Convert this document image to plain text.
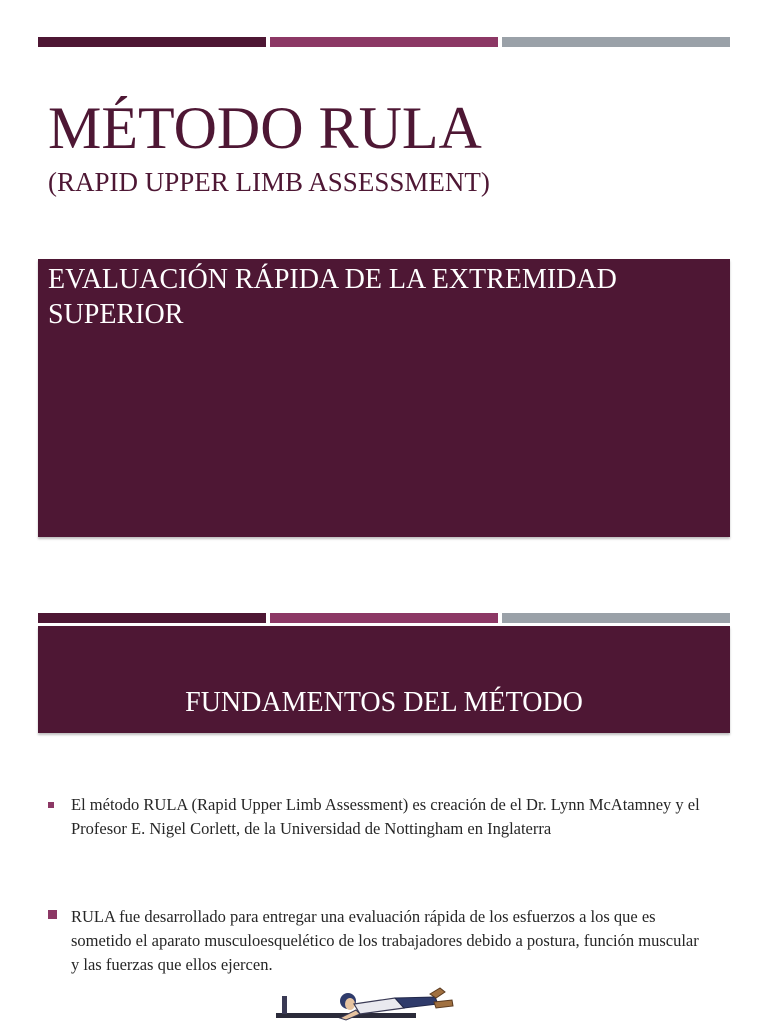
MÉTODO RULA
(RAPID UPPER LIMB ASSESSMENT)
EVALUACIÓN RÁPIDA DE LA EXTREMIDAD SUPERIOR
FUNDAMENTOS DEL MÉTODO
El método RULA (Rapid Upper Limb Assessment) es creación de el Dr. Lynn McAtamney y el Profesor E. Nigel Corlett, de la Universidad de Nottingham en Inglaterra
RULA fue desarrollado para entregar una evaluación rápida de los esfuerzos a los que es sometido el aparato musculoesquelético de los trabajadores debido a postura, función muscular y las fuerzas que ellos ejercen.
